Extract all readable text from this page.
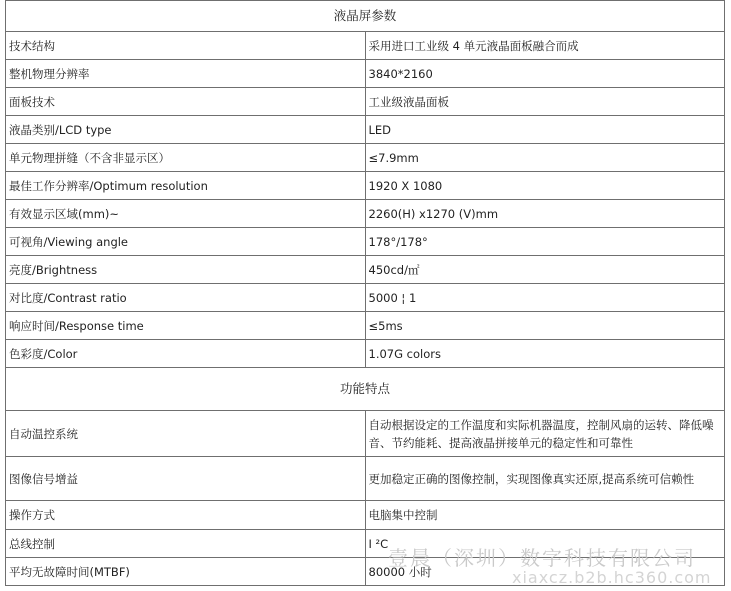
液晶屏参数	
技术结构	采用进口工业级 4 单元液晶面板融合而成
整机物理分辨率	3840*2160
面板技术	工业级液晶面板
液晶类别/LCD type	LED
单元物理拼缝（不含非显示区）	≤7.9mm
最佳工作分辨率/Optimum resolution	1920 X 1080
有效显示区域(mm)~	2260(H) x1270 (V)mm
可视角/Viewing angle	178°/178°
亮度/Brightness	450cd/㎡
对比度/Contrast ratio	5000 ¦ 1
响应时间/Response time	≤5ms
色彩度/Color	1.07G colors
功能特点	
自动温控系统	自动根据设定的工作温度和实际机器温度，控制风扇的运转、降低噪音、节约能耗、提高液晶拼接单元的稳定性和可靠性
图像信号增益	更加稳定正确的图像控制，实现图像真实还原,提高系统可信赖性
操作方式	电脑集中控制
总线控制	I ²C
平均无故障时间(MTBF)	80000 小时
壹晨（深圳）数字科技有限公司
xiaxcz.b2b.hc360.com
